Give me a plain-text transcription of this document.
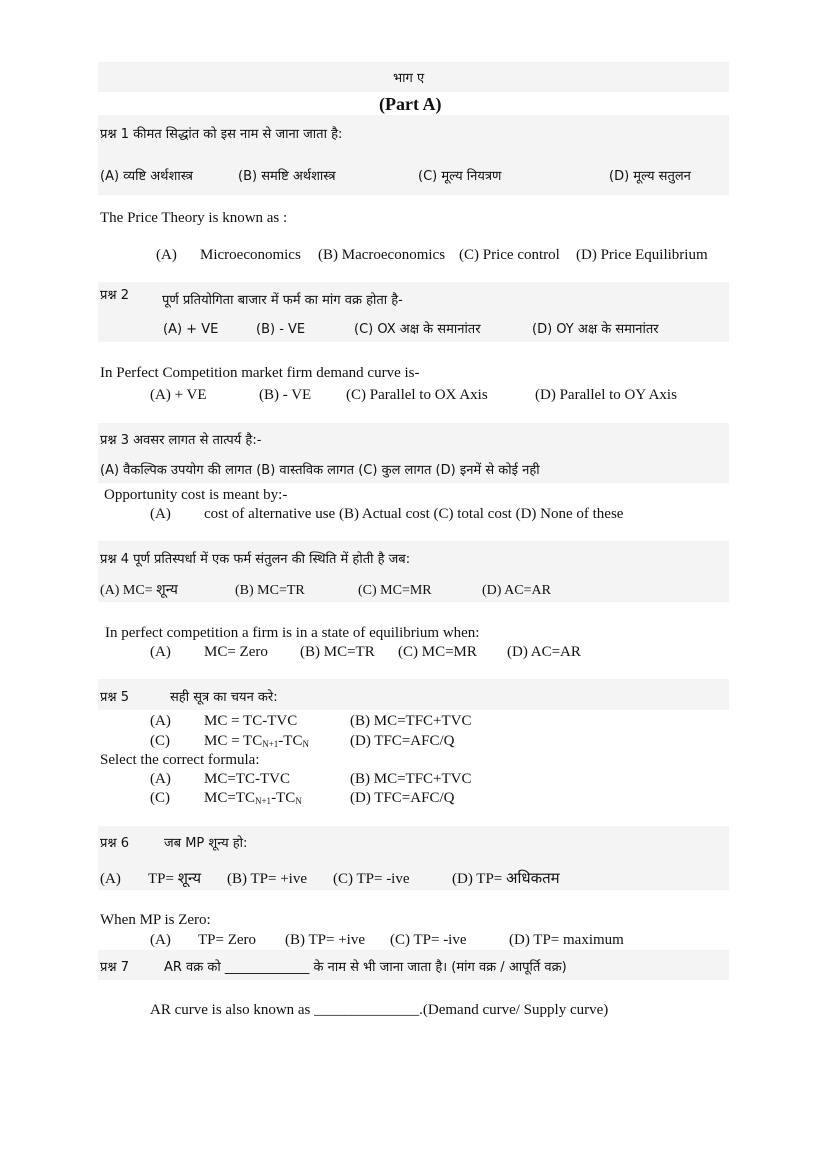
भाग ए
(Part A)
प्रश्न 1 कीमत सिद्धांत को इस नाम से जाना जाता है:
(A) व्यष्टि अर्थशास्त्र	(B) समष्टि अर्थशास्त्र	(C) मूल्य नियत्रण	(D) मूल्य सतुलन
The Price Theory is known as :
(A) Microeconomics (B) Macroeconomics (C) Price control (D) Price Equilibrium
प्रश्न 2	पूर्ण प्रतियोगिता बाजार में फर्म का मांग वक्र होता है-
(A) + VE	(B) - VE	(C) OX अक्ष के समानांतर	(D) OY अक्ष के समानांतर
In Perfect Competition market firm demand curve is-
(A) + VE	(B) - VE (C) Parallel to OX Axis	(D) Parallel to OY Axis
प्रश्न 3 अवसर लागत से तात्पर्य है:-
(A) वैकल्पिक उपयोग की लागत (B) वास्तविक लागत (C) कुल लागत (D) इनमें से कोई नही
Opportunity cost is meant by:-
(A) cost of alternative use (B) Actual cost (C) total cost (D) None of these
प्रश्न 4 पूर्ण प्रतिस्पर्धा में एक फर्म संतुलन की स्थिति में होती है जब:
(A) MC= शून्य	(B) MC=TR	(C) MC=MR	(D) AC=AR
In perfect competition a firm is in a state of equilibrium when:
(A) MC= Zero (B) MC=TR (C) MC=MR (D) AC=AR
प्रश्न 5	सही सूत्र का चयन करे:
(A) MC = TC-TVC	(B) MC=TFC+TVC
(C) MC = $TC_{N+1}-TC_N$	(D) TFC=AFC/Q
Select the correct formula:
(A) MC=TC-TVC	(B) MC=TFC+TVC
(C) $MC=TC_{N+1}-TC_N$	(D) TFC=AFC/Q
प्रश्न 6	जब MP शून्य हो:
(A) TP= शून्य (B) TP= +ive (C) TP= -ive	(D) TP= अधिकतम
When MP is Zero:
(A) TP= Zero (B) TP= +ive (C) TP= -ive	(D) TP= maximum
प्रश्न 7	AR वक्र को _____________ के नाम से भी जाना जाता है। (मांग वक्र / आपूर्ति वक्र)
AR curve is also known as ______________.(Demand curve/ Supply curve)
